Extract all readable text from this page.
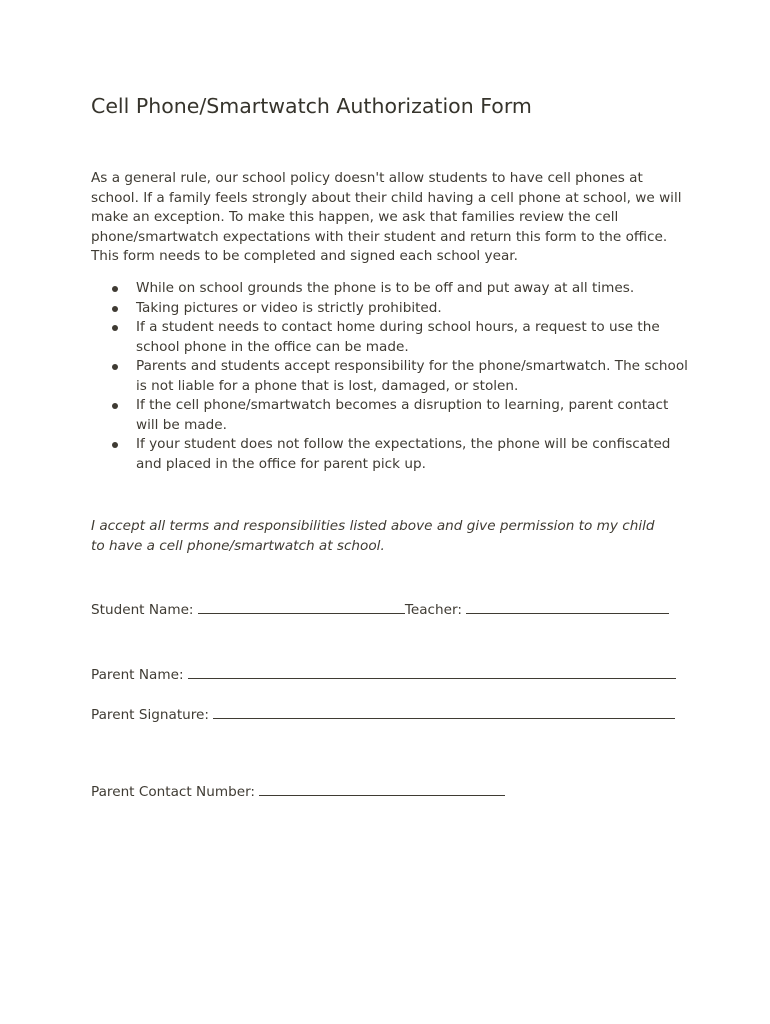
Cell Phone/Smartwatch Authorization Form

As a general rule, our school policy doesn't allow students to have cell phones at school. If a family feels strongly about their child having a cell phone at school, we will make an exception. To make this happen, we ask that families review the cell phone/smartwatch expectations with their student and return this form to the office. This form needs to be completed and signed each school year.

While on school grounds the phone is to be off and put away at all times.
Taking pictures or video is strictly prohibited.
If a student needs to contact home during school hours, a request to use the school phone in the office can be made.
Parents and students accept responsibility for the phone/smartwatch. The school is not liable for a phone that is lost, damaged, or stolen.
If the cell phone/smartwatch becomes a disruption to learning, parent contact will be made.
If your student does not follow the expectations, the phone will be confiscated and placed in the office for parent pick up.

I accept all terms and responsibilities listed above and give permission to my child to have a cell phone/smartwatch at school.

Student Name:	Teacher:
Parent Name:
Parent Signature:
Parent Contact Number:
